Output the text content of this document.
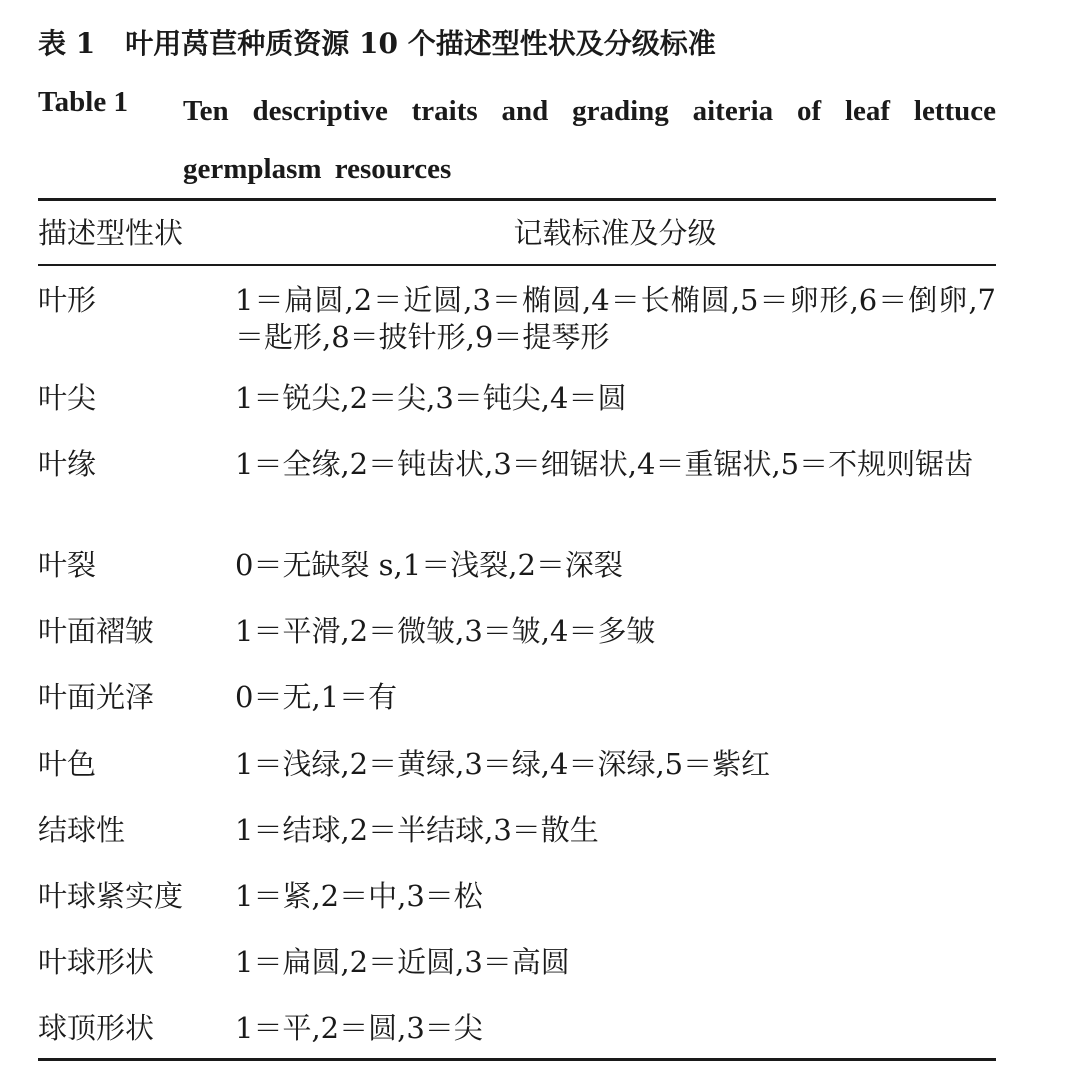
表 1 叶用莴苣种质资源 10 个描述型性状及分级标准
Table 1 Ten descriptive traits and grading aiteria of leaf lettuce germplasm resources
描述型性状	记载标准及分级
叶形	1＝扁圆,2＝近圆,3＝椭圆,4＝长椭圆,5＝卵形,6＝倒卵,7＝匙形,8＝披针形,9＝提琴形
叶尖	1＝锐尖,2＝尖,3＝钝尖,4＝圆
叶缘	1＝全缘,2＝钝齿状,3＝细锯状,4＝重锯状,5＝不规则锯齿
叶裂	0＝无缺裂 s,1＝浅裂,2＝深裂
叶面褶皱	1＝平滑,2＝微皱,3＝皱,4＝多皱
叶面光泽	0＝无,1＝有
叶色	1＝浅绿,2＝黄绿,3＝绿,4＝深绿,5＝紫红
结球性	1＝结球,2＝半结球,3＝散生
叶球紧实度 1＝紧,2＝中,3＝松
叶球形状	1＝扁圆,2＝近圆,3＝高圆
球顶形状	1＝平,2＝圆,3＝尖
